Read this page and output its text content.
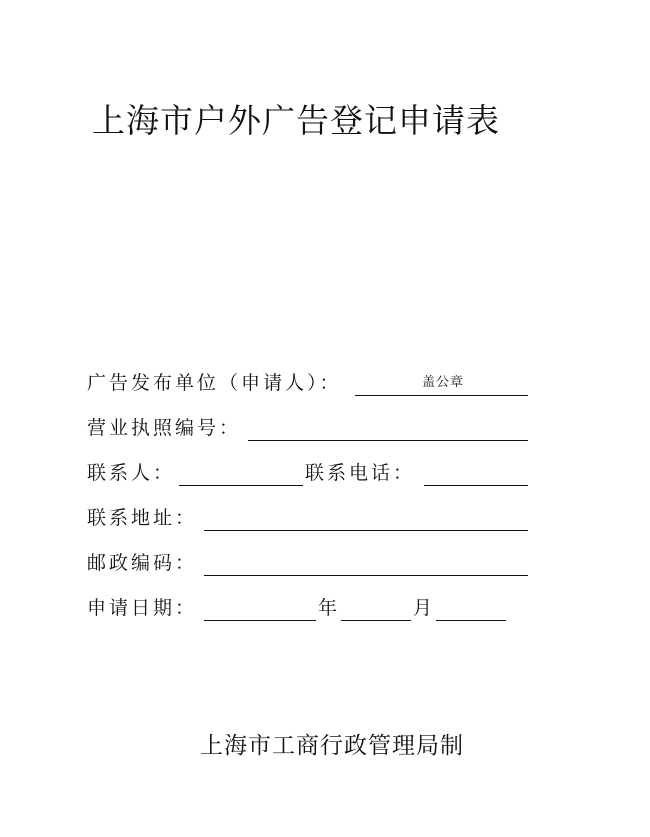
上海市户外广告登记申请表
广告发布单位（申请人）：	盖公章
营业执照编号：
联系人：	联系电话：
联系地址：
邮政编码：
申请日期：	年	月
上海市工商行政管理局制
